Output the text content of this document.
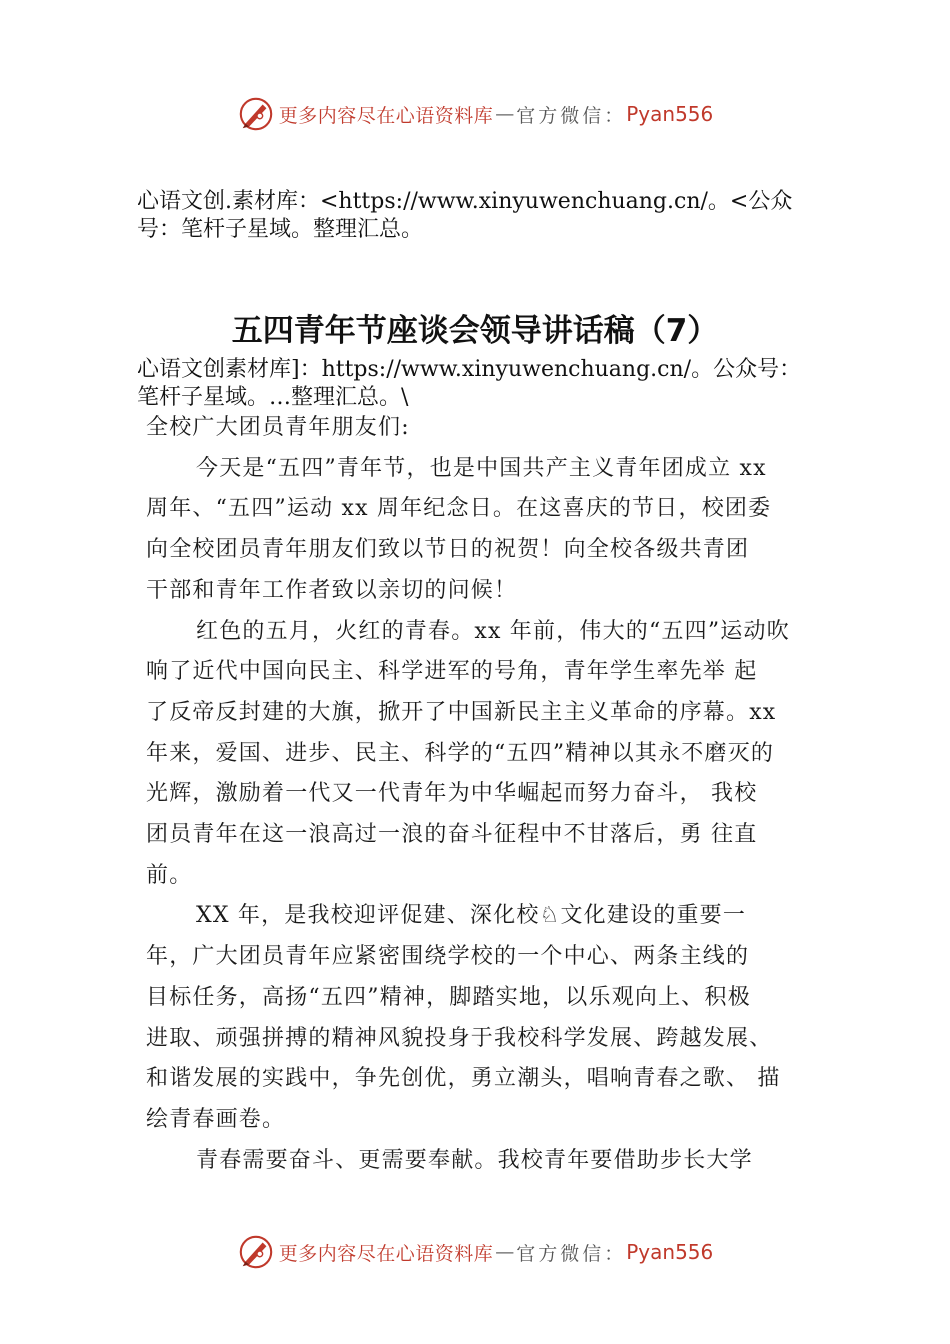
更多内容尽在心语资料库 — 官方微信： Pyan556
心语文创.素材库：<https://www.xinyuwenchuang.cn/。<公众
号：笔杆子星域。整理汇总。
五四青年节座谈会领导讲话稿（7）
心语文创素材库]：https://www.xinyuwenchuang.cn/。公众号：
笔杆子星域。…整理汇总。\

全校广大团员青年朋友们:

今天是“五四”青年节，也是中国共产主义青年团成立 xx

周年、“五四”运动 xx 周年纪念日。在这喜庆的节日，校团委

向全校团员青年朋友们致以节日的祝贺！向全校各级共青团

干部和青年工作者致以亲切的问候！

红色的五月，火红的青春。xx 年前，伟大的“五四”运动吹

响了近代中国向民主、科学进军的号角，青年学生率先举 起

了反帝反封建的大旗，掀开了中国新民主主义革命的序幕。xx

年来，爱国、进步、民主、科学的“五四”精神以其永不磨灭的

光辉，激励着一代又一代青年为中华崛起而努力奋斗， 我校

团员青年在这一浪高过一浪的奋斗征程中不甘落后，勇 往直

前。

XX 年，是我校迎评促建、深化校♘文化建设的重要一

年，广大团员青年应紧密围绕学校的一个中心、两条主线的

目标任务，高扬“五四”精神，脚踏实地，以乐观向上、积极

进取、顽强拼搏的精神风貌投身于我校科学发展、跨越发展、

和谐发展的实践中，争先创优，勇立潮头，唱响青春之歌、 描

绘青春画卷。

青春需要奋斗、更需要奉献。我校青年要借助步长大学

更多内容尽在心语资料库 — 官方微信： Pyan556
